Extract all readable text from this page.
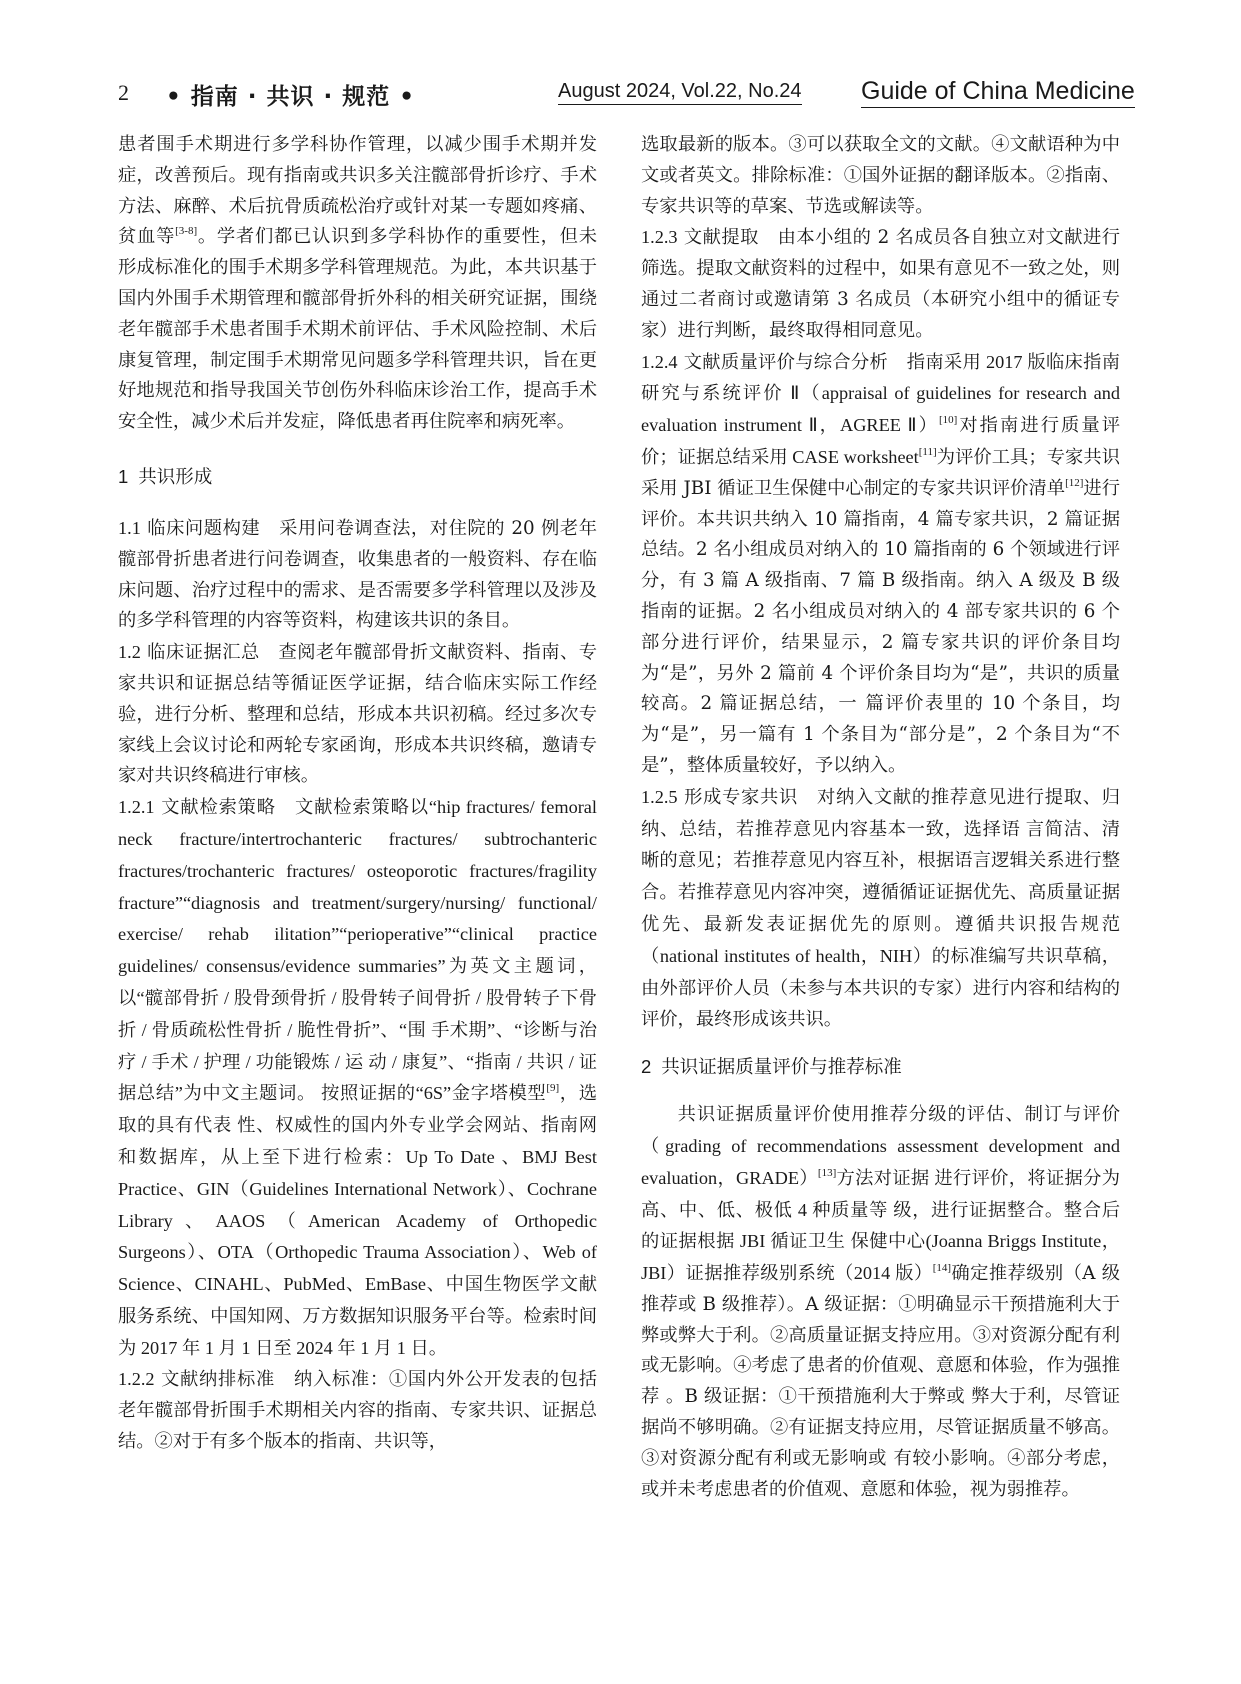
2 • 指南 · 共识 · 规范 •	August 2024, Vol.22, No.24 Guide of China Medicine

患者围手术期进行多学科协作管理，以减少围手术期并发症，改善预后。现有指南或共识多关注髋部骨折诊疗、手术方法、麻醉、术后抗骨质疏松治疗或针对某一专题如疼痛、贫血等[3-8]。学者们都已认识到多学科协作的重要性，但未形成标准化的围手术期多学科管理规范。为此，本共识基于国内外围手术期管理和髋部骨折外科的相关研究证据，围绕老年髋部手术患者围手术期术前评估、手术风险控制、术后康复管理，制定围手术期常见问题多学科管理共识，旨在更好地规范和指导我国关节创伤外科临床诊治工作，提高手术安全性，减少术后并发症，降低患者再住院率和病死率。

1 共识形成

1.1 临床问题构建  采用问卷调查法，对住院的 20 例老年髋部骨折患者进行问卷调查，收集患者的一般资料、存在临床问题、治疗过程中的需求、是否需要多学科管理以及涉及的多学科管理的内容等资料，构建该共识的条目。

1.2 临床证据汇总  查阅老年髋部骨折文献资料、指南、专家共识和证据总结等循证医学证据，结合临床实际工作经验，进行分析、整理和总结，形成本共识初稿。经过多次专家线上会议讨论和两轮专家函询，形成本共识终稿，邀请专家对共识终稿进行审核。

1.2.1 文献检索策略  文献检索策略以“hip fractures/ femoral neck fracture/intertrochanteric fractures/ subtrochanteric fractures/trochanteric fractures/ osteoporotic fractures/fragility fracture”“diagnosis and treatment/surgery/nursing/ functional/ exercise/ rehab ilitation”“perioperative”“clinical practice guidelines/ consensus/evidence summaries”为英文主题词，以“髋部骨折 / 股骨颈骨折 / 股骨转子间骨折 / 股骨转子下骨折 / 骨质疏松性骨折 / 脆性骨折”、“围 手术期”、“诊断与治疗 / 手术 / 护理 / 功能锻炼 / 运 动 / 康复”、“指南 / 共识 / 证据总结”为中文主题词。 按照证据的“6S”金字塔模型[9]，选取的具有代表 性、权威性的国内外专业学会网站、指南网和数据库，从上至下进行检索：Up To Date 、BMJ Best Practice、GIN（Guidelines International Network）、Cochrane Library、AAOS（American Academy of Orthopedic Surgeons）、OTA（Orthopedic Trauma Association）、Web of Science、CINAHL、PubMed、EmBase、中国生物医学文献服务系统、中国知网、万方数据知识服务平台等。检索时间为 2017 年 1 月 1 日至 2024 年 1 月 1 日。

1.2.2 文献纳排标准  纳入标准：①国内外公开发表的包括老年髋部骨折围手术期相关内容的指南、专家共识、证据总结。②对于有多个版本的指南、共识等，

选取最新的版本。③可以获取全文的文献。④文献语种为中文或者英文。排除标准：①国外证据的翻译版本。②指南、专家共识等的草案、节选或解读等。

1.2.3 文献提取  由本小组的 2 名成员各自独立对文献进行筛选。提取文献资料的过程中，如果有意见不一致之处，则通过二者商讨或邀请第 3 名成员（本研究小组中的循证专家）进行判断，最终取得相同意见。

1.2.4 文献质量评价与综合分析  指南采用 2017 版临床指南研究与系统评价 Ⅱ（appraisal of guidelines for research and evaluation instrument Ⅱ，AGREE Ⅱ）[10]对指南进行质量评价；证据总结采用 CASE worksheet[11]为评价工具；专家共识采用 JBI 循证卫生保健中心制定的专家共识评价清单[12]进行评价。本共识共纳入 10 篇指南，4 篇专家共识，2 篇证据总结。2 名小组成员对纳入的 10 篇指南的 6 个领域进行评分，有 3 篇 A 级指南、7 篇 B 级指南。纳入 A 级及 B 级指南的证据。2 名小组成员对纳入的 4 部专家共识的 6 个部分进行评价，结果显示，2 篇专家共识的评价条目均为“是”，另外 2 篇前 4 个评价条目均为“是”，共识的质量较高。2 篇证据总结，一 篇评价表里的 10 个条目，均为“是”，另一篇有 1 个条目为“部分是”，2 个条目为“不是”，整体质量较好，予以纳入。

1.2.5 形成专家共识  对纳入文献的推荐意见进行提取、归纳、总结，若推荐意见内容基本一致，选择语 言简洁、清晰的意见；若推荐意见内容互补，根据语言逻辑关系进行整合。若推荐意见内容冲突，遵循循证证据优先、高质量证据优先、最新发表证据优先的原则。遵循共识报告规范（national institutes of health，NIH）的标准编写共识草稿，由外部评价人员（未参与本共识的专家）进行内容和结构的评价，最终形成该共识。

2 共识证据质量评价与推荐标准

共识证据质量评价使用推荐分级的评估、制订与评价（grading of recommendations assessment development and evaluation，GRADE）[13]方法对证据 进行评价，将证据分为高、中、低、极低 4 种质量等 级，进行证据整合。整合后的证据根据 JBI 循证卫生 保健中心(Joanna Briggs Institute，JBI）证据推荐级别系统（2014 版）[14]确定推荐级别（A 级推荐或 B 级推荐）。A 级证据：①明确显示干预措施利大于 弊或弊大于利。②高质量证据支持应用。③对资源分配有利或无影响。④考虑了患者的价值观、意愿和体验，作为强推荐 。B 级证据：①干预措施利大于弊或 弊大于利，尽管证据尚不够明确。②有证据支持应用，尽管证据质量不够高。③对资源分配有利或无影响或 有较小影响。④部分考虑，或并未考虑患者的价值观、意愿和体验，视为弱推荐。
